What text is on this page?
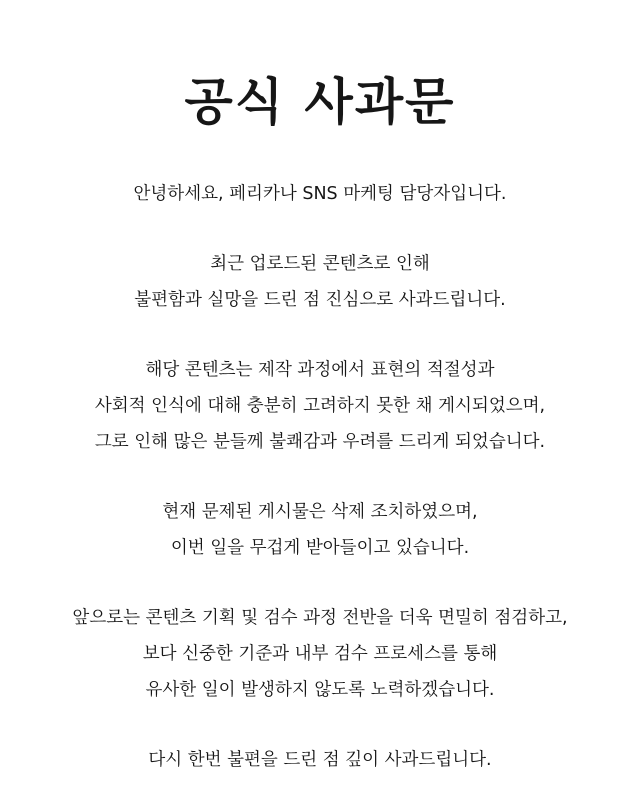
공식 사과문

안녕하세요, 페리카나 SNS 마케팅 담당자입니다.

최근 업로드된 콘텐츠로 인해
불편함과 실망을 드린 점 진심으로 사과드립니다.

해당 콘텐츠는 제작 과정에서 표현의 적절성과
사회적 인식에 대해 충분히 고려하지 못한 채 게시되었으며,
그로 인해 많은 분들께 불쾌감과 우려를 드리게 되었습니다.

현재 문제된 게시물은 삭제 조치하였으며,
이번 일을 무겁게 받아들이고 있습니다.

앞으로는 콘텐츠 기획 및 검수 과정 전반을 더욱 면밀히 점검하고,
보다 신중한 기준과 내부 검수 프로세스를 통해
유사한 일이 발생하지 않도록 노력하겠습니다.

다시 한번 불편을 드린 점 깊이 사과드립니다.
